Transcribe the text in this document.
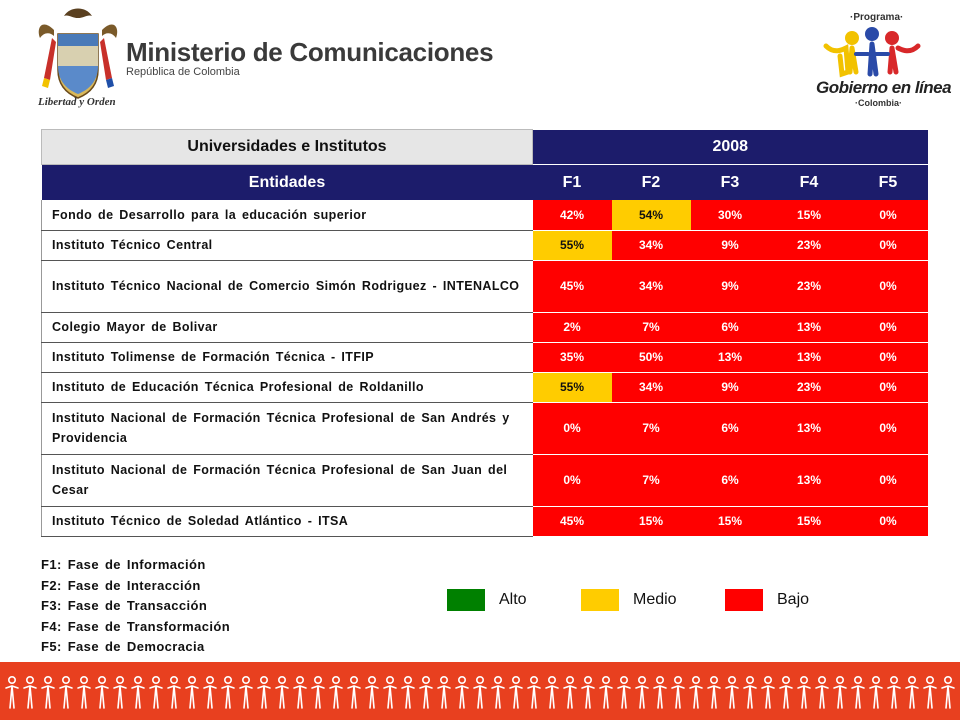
Libertad y Orden
Ministerio de Comunicaciones
República de Colombia
·Programa·
Gobierno en línea
·Colombia·
Universidades e Institutos	2008				
Entidades	F1	F2	F3	F4	F5
Fondo de Desarrollo para la educación superior	42%	54%	30%	15%	0%
Instituto Técnico Central	55%	34%	9%	23%	0%
Instituto Técnico Nacional de Comercio Simón Rodriguez - INTENALCO	45%	34%	9%	23%	0%
Colegio Mayor de Bolivar	2%	7%	6%	13%	0%
Instituto Tolimense de Formación Técnica - ITFIP	35%	50%	13%	13%	0%
Instituto de Educación Técnica Profesional de Roldanillo	55%	34%	9%	23%	0%
Instituto Nacional de Formación Técnica Profesional de San Andrés y Providencia	0%	7%	6%	13%	0%
Instituto Nacional de Formación Técnica Profesional de San Juan del Cesar	0%	7%	6%	13%	0%
Instituto Técnico de Soledad Atlántico - ITSA	45%	15%	15%	15%	0%
F1: Fase de Información
F2: Fase de Interacción
F3: Fase de Transacción
F4: Fase de Transformación
F5: Fase de Democracia
Alto	Medio	Bajo
